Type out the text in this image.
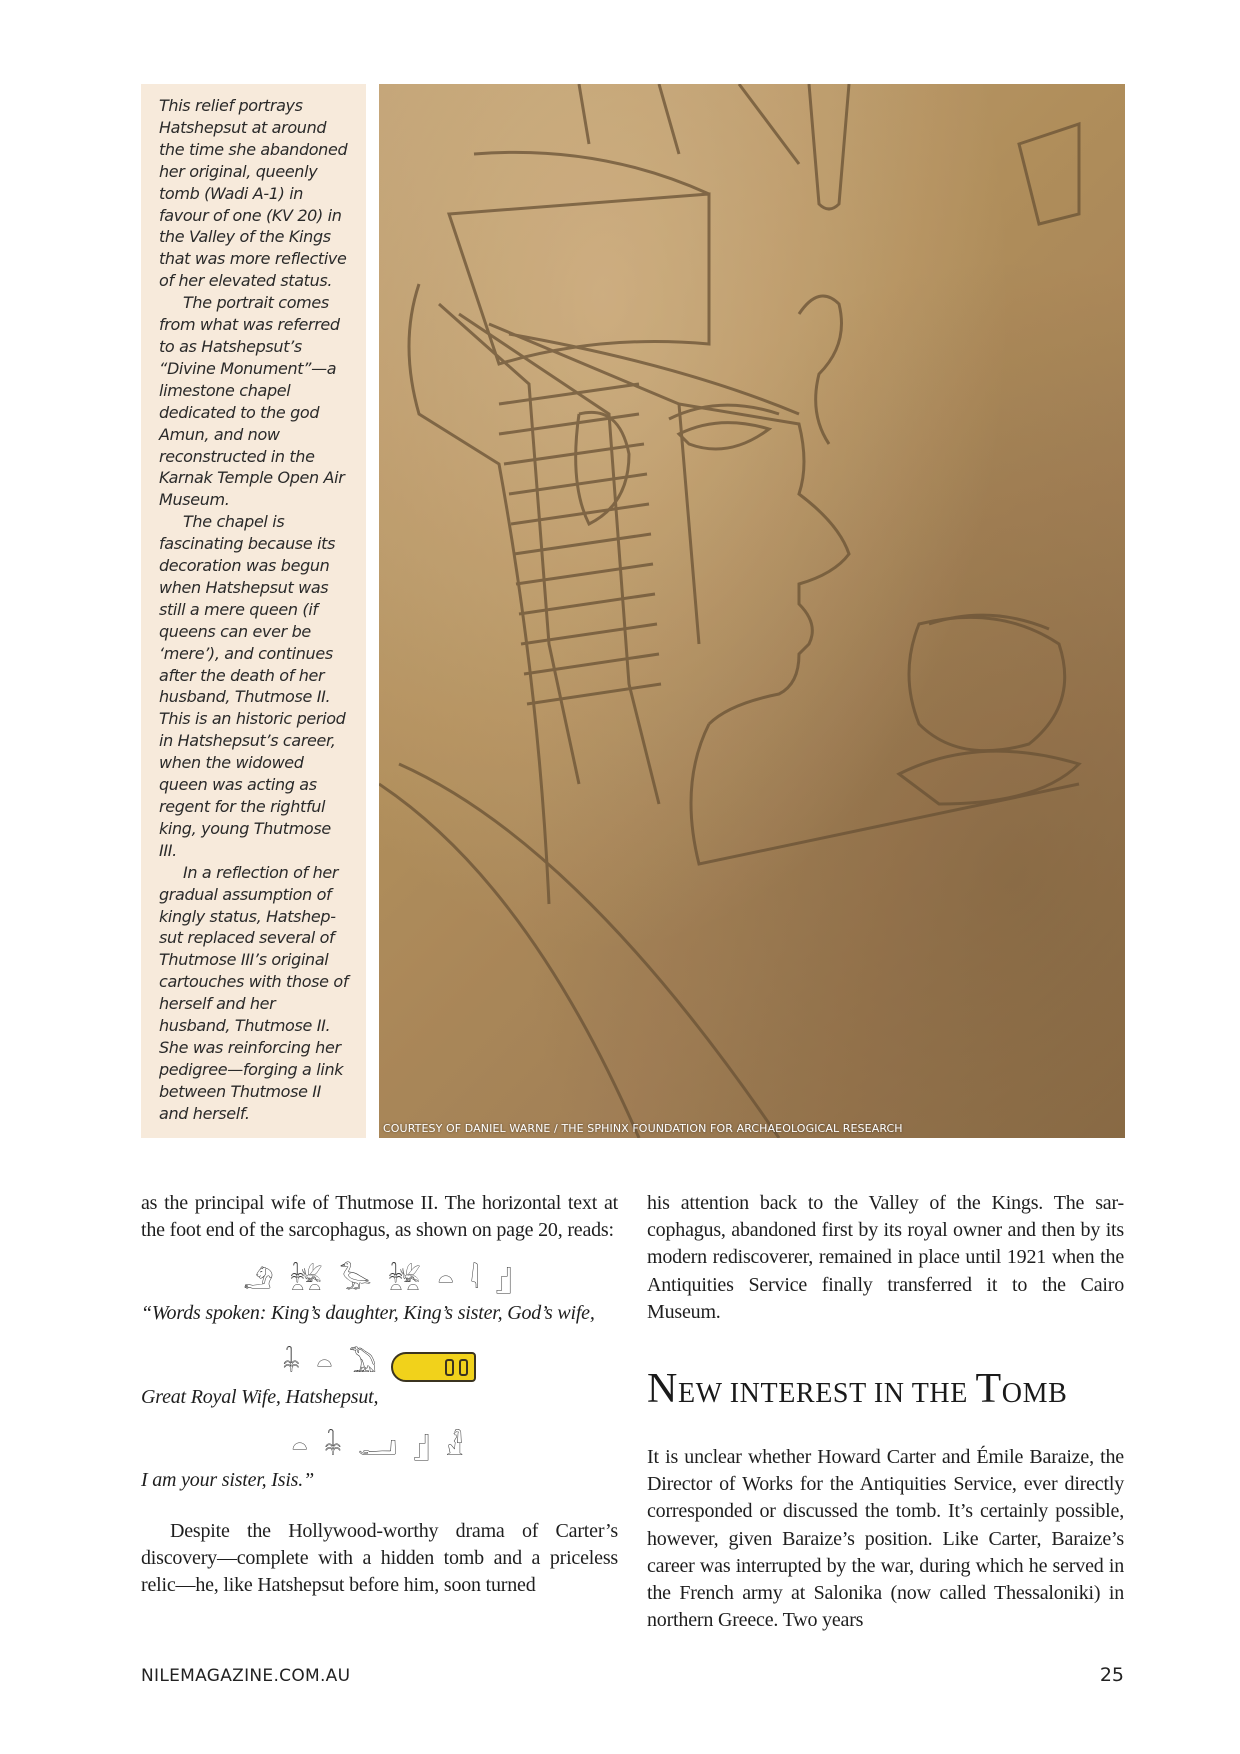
This relief portrays Hatshepsut at around the time she abandoned her original, queenly tomb (Wadi A-1) in favour of one (KV 20) in the Valley of the Kings that was more reflective of her elevated status.

The portrait comes from what was referred to as Hatshepsut’s “Divine Monument”—a limestone chapel dedicated to the god Amun, and now reconstructed in the Karnak Temple Open Air Museum.

The chapel is fascinating because its decoration was begun when Hatshepsut was still a mere queen (if queens can ever be ‘mere’), and continues after the death of her husband, Thutmose II. This is an historic period in Hatshepsut’s career, when the widowed queen was acting as regent for the rightful king, young Thutmose III.

In a reflection of her gradual assumption of kingly status, Hatshep-sut replaced several of Thutmose III’s original cartouches with those of herself and her husband, Thutmose II. She was reinforcing her pedigree—forging a link between Thutmose II and herself.

COURTESY OF DANIEL WARNE / THE SPHINX FOUNDATION FOR ARCHAEOLOGICAL RESEARCH

as the principal wife of Thutmose II. The horizontal text at the foot end of the sarcophagus, as shown on page 20, reads:

𓄂 𓆥 𓅭 𓆥 𓏏 𓇋 𓊨

“Words spoken: King’s daughter, King’s sister, God’s wife,

𓇓 𓏏 𓅐

Great Royal Wife, Hatshepsut,

𓏏 𓇓 𓂝 𓊨 𓁐

I am your sister, Isis.”

Despite the Hollywood-worthy drama of Carter’s discovery—complete with a hidden tomb and a priceless relic—he, like Hatshepsut before him, soon turned

his attention back to the Valley of the Kings. The sar-cophagus, abandoned first by its royal owner and then by its modern rediscoverer, remained in place until 1921 when the Antiquities Service finally transferred it to the Cairo Museum.

NEW INTEREST IN THE TOMB

It is unclear whether Howard Carter and Émile Baraize, the Director of Works for the Antiquities Service, ever directly corresponded or discussed the tomb. It’s certainly possible, however, given Baraize’s position. Like Carter, Baraize’s career was interrupted by the war, during which he served in the French army at Salonika (now called Thessaloniki) in northern Greece. Two years

NILEMAGAZINE.COM.AU	25
